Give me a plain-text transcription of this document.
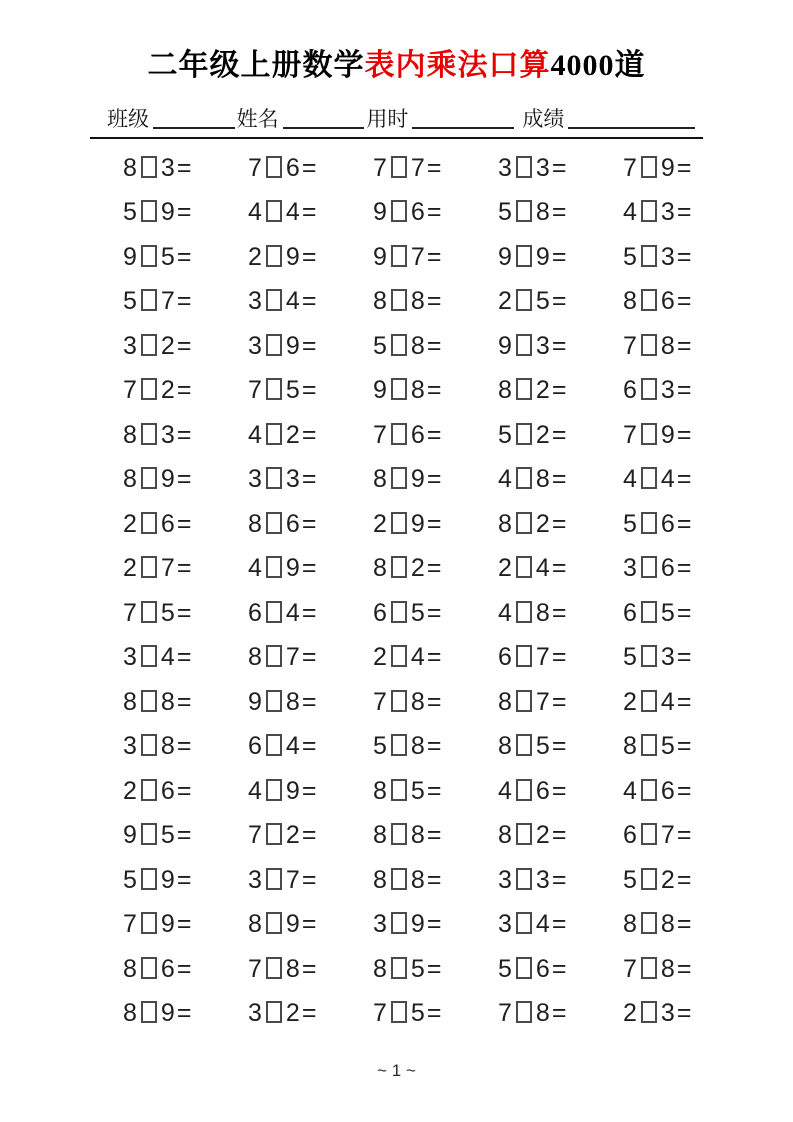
二年级上册数学表内乘法口算4000道
班级	姓名	用时	成绩
8 3=	7 6=	7 7=	3 3=	7 9=
5 9=	4 4=	9 6=	5 8=	4 3=
9 5=	2 9=	9 7=	9 9=	5 3=
5 7=	3 4=	8 8=	2 5=	8 6=
3 2=	3 9=	5 8=	9 3=	7 8=
7 2=	7 5=	9 8=	8 2=	6 3=
8 3=	4 2=	7 6=	5 2=	7 9=
8 9=	3 3=	8 9=	4 8=	4 4=
2 6=	8 6=	2 9=	8 2=	5 6=
2 7=	4 9=	8 2=	2 4=	3 6=
7 5=	6 4=	6 5=	4 8=	6 5=
3 4=	8 7=	2 4=	6 7=	5 3=
8 8=	9 8=	7 8=	8 7=	2 4=
3 8=	6 4=	5 8=	8 5=	8 5=
2 6=	4 9=	8 5=	4 6=	4 6=
9 5=	7 2=	8 8=	8 2=	6 7=
5 9=	3 7=	8 8=	3 3=	5 2=
7 9=	8 9=	3 9=	3 4=	8 8=
8 6=	7 8=	8 5=	5 6=	7 8=
8 9=	3 2=	7 5=	7 8=	2 3=
~ 1 ~
